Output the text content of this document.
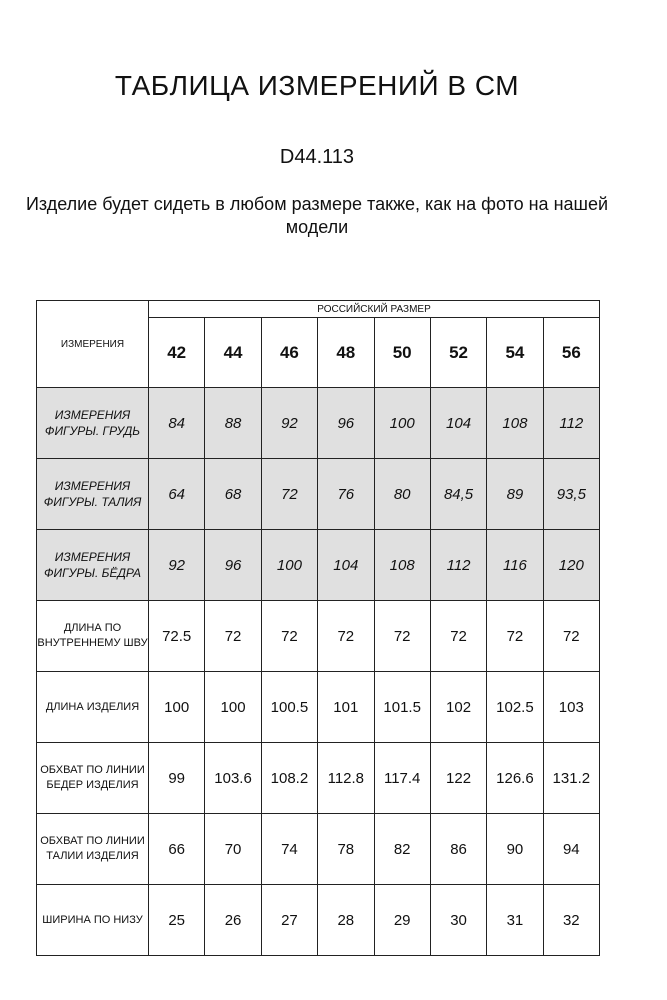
ТАБЛИЦА ИЗМЕРЕНИЙ В СМ
D44.113
Изделие будет сидеть в любом размере также, как на фото на нашей модели
ИЗМЕРЕНИЯ	РОССИЙСКИЙ РАЗМЕР							
	42	44	46	48	50	52	54	56
ИЗМЕРЕНИЯ ФИГУРЫ. ГРУДЬ	84	88	92	96	100	104	108	112
ИЗМЕРЕНИЯ ФИГУРЫ. ТАЛИЯ	64	68	72	76	80	84,5	89	93,5
ИЗМЕРЕНИЯ ФИГУРЫ. БЁДРА	92	96	100	104	108	112	116	120
ДЛИНА ПО ВНУТРЕННЕМУ ШВУ	72.5	72	72	72	72	72	72	72
ДЛИНА ИЗДЕЛИЯ	100	100	100.5	101	101.5	102	102.5	103
ОБХВАТ ПО ЛИНИИ БЕДЕР ИЗДЕЛИЯ	99	103.6	108.2	112.8	117.4	122	126.6	131.2
ОБХВАТ ПО ЛИНИИ ТАЛИИ ИЗДЕЛИЯ	66	70	74	78	82	86	90	94
ШИРИНА ПО НИЗУ	25	26	27	28	29	30	31	32
